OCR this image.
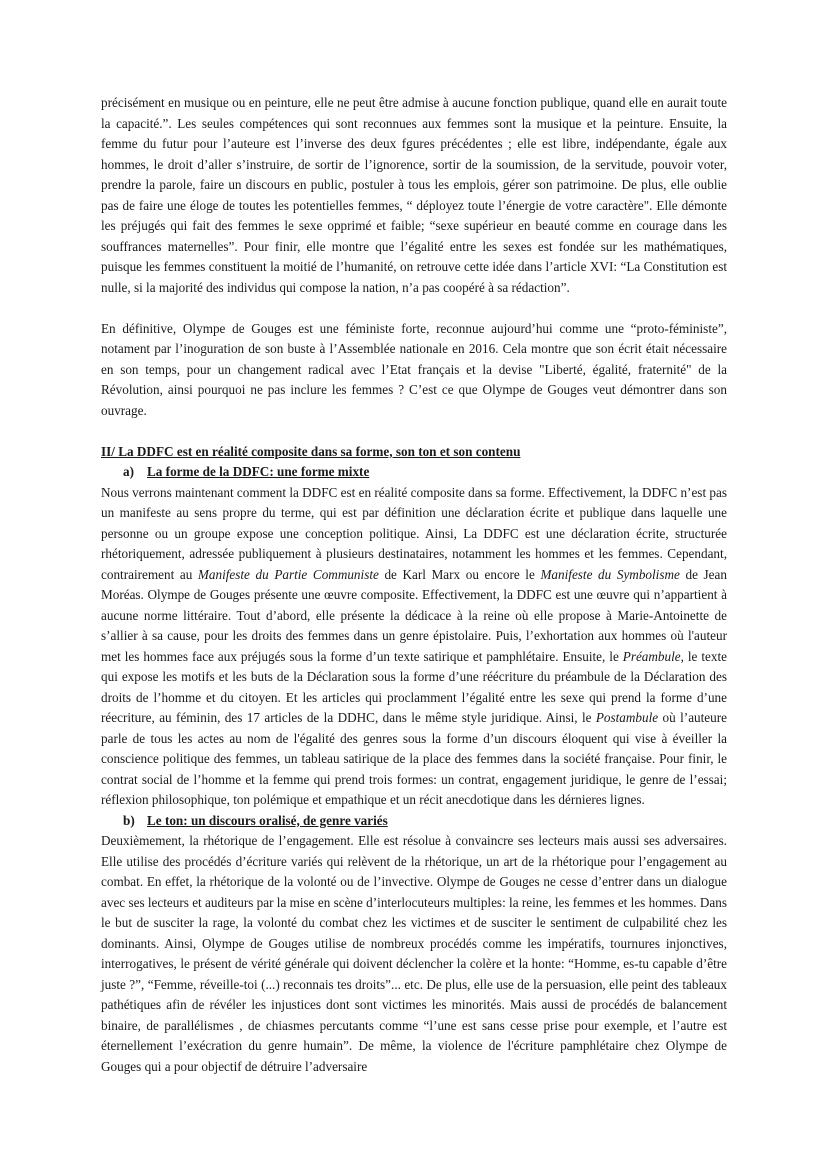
précisément en musique ou en peinture, elle ne peut être admise à aucune fonction publique, quand elle en aurait toute la capacité.”. Les seules compétences qui sont reconnues aux femmes sont la musique et la peinture. Ensuite, la femme du futur pour l’auteure est l’inverse des deux fgures précédentes ; elle est libre, indépendante, égale aux hommes, le droit d’aller s’instruire, de sortir de l’ignorence, sortir de la soumission, de la servitude, pouvoir voter, prendre la parole, faire un discours en public, postuler à tous les emplois, gérer son patrimoine. De plus, elle oublie pas de faire une éloge de toutes les potentielles femmes, “ déployez toute l’énergie de votre caractère". Elle démonte les préjugés qui fait des femmes le sexe opprimé et faible; “sexe supérieur en beauté comme en courage dans les souffrances maternelles”. Pour finir, elle montre que l’égalité entre les sexes est fondée sur les mathématiques, puisque les femmes constituent la moitié de l’humanité, on retrouve cette idée dans l’article XVI: “La Constitution est nulle, si la majorité des individus qui compose la nation, n’a pas coopéré à sa rédaction”.

En définitive, Olympe de Gouges est une féministe forte, reconnue aujourd’hui comme une “proto-féministe”, notament par l’inoguration de son buste à l’Assemblée nationale en 2016. Cela montre que son écrit était nécessaire en son temps, pour un changement radical avec l’Etat français et la devise "Liberté, égalité, fraternité" de la Révolution, ainsi pourquoi ne pas inclure les femmes ? C’est ce que Olympe de Gouges veut démontrer dans son ouvrage.

II/ La DDFC est en réalité composite dans sa forme, son ton et son contenu

a) La forme de la DDFC: une forme mixte

Nous verrons maintenant comment la DDFC est en réalité composite dans sa forme. Effectivement, la DDFC n’est pas un manifeste au sens propre du terme, qui est par définition une déclaration écrite et publique dans laquelle une personne ou un groupe expose une conception politique. Ainsi, La DDFC est une déclaration écrite, structurée rhétoriquement, adressée publiquement à plusieurs destinataires, notamment les hommes et les femmes. Cependant, contrairement au Manifeste du Partie Communiste de Karl Marx ou encore le Manifeste du Symbolisme de Jean Moréas. Olympe de Gouges présente une œuvre composite. Effectivement, la DDFC est une œuvre qui n’appartient à aucune norme littéraire. Tout d’abord, elle présente la dédicace à la reine où elle propose à Marie-Antoinette de s’allier à sa cause, pour les droits des femmes dans un genre épistolaire. Puis, l’exhortation aux hommes où l'auteur met les hommes face aux préjugés sous la forme d’un texte satirique et pamphlétaire. Ensuite, le Préambule, le texte qui expose les motifs et les buts de la Déclaration sous la forme d’une réécriture du préambule de la Déclaration des droits de l’homme et du citoyen. Et les articles qui proclamment l’égalité entre les sexe qui prend la forme d’une réecriture, au féminin, des 17 articles de la DDHC, dans le même style juridique. Ainsi, le Postambule où l’auteure parle de tous les actes au nom de l'égalité des genres sous la forme d’un discours éloquent qui vise à éveiller la conscience politique des femmes, un tableau satirique de la place des femmes dans la société française. Pour finir, le contrat social de l’homme et la femme qui prend trois formes: un contrat, engagement juridique, le genre de l’essai; réflexion philosophique, ton polémique et empathique et un récit anecdotique dans les dérnieres lignes.

b) Le ton: un discours oralisé, de genre variés

Deuxièmement, la rhétorique de l’engagement. Elle est résolue à convaincre ses lecteurs mais aussi ses adversaires. Elle utilise des procédés d’écriture variés qui relèvent de la rhétorique, un art de la rhétorique pour l’engagement au combat. En effet, la rhétorique de la volonté ou de l’invective. Olympe de Gouges ne cesse d’entrer dans un dialogue avec ses lecteurs et auditeurs par la mise en scène d’interlocuteurs multiples: la reine, les femmes et les hommes. Dans le but de susciter la rage, la volonté du combat chez les victimes et de susciter le sentiment de culpabilité chez les dominants. Ainsi, Olympe de Gouges utilise de nombreux procédés comme les impératifs, tournures injonctives, interrogatives, le présent de vérité générale qui doivent déclencher la colère et la honte: “Homme, es-tu capable d’être juste ?”, “Femme, réveille-toi (...) reconnais tes droits”... etc. De plus, elle use de la persuasion, elle peint des tableaux pathétiques afin de révéler les injustices dont sont victimes les minorités. Mais aussi de procédés de balancement binaire, de parallélismes , de chiasmes percutants comme “l’une est sans cesse prise pour exemple, et l’autre est éternellement l’exécration du genre humain”. De même, la violence de l'écriture pamphlétaire chez Olympe de Gouges qui a pour objectif de détruire l’adversaire
